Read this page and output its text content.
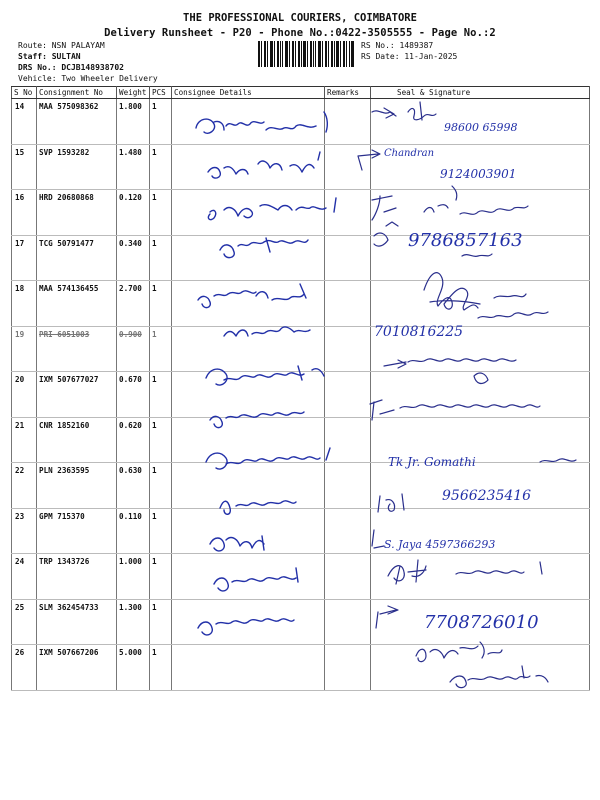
THE PROFESSIONAL COURIERS, COIMBATORE
Delivery Runsheet - P20 - Phone No.:0422-3505555 - Page No.:2
Route: NSN PALAYAM
Staff: SULTAN
DRS No.: DCJB148938702
Vehicle: Two Wheeler Delivery
RS No.: 1489387
RS Date: 11-Jan-2025
S No	Consignment No	Weight	PCS	Consignee Details	Remarks	Seal & Signature
14	MAA 575098362	1.800	1			
15	SVP 1593282	1.480	1			
16	HRD 20680868	0.120	1			
17	TCG 50791477	0.340	1			
18	MAA 574136455	2.700	1			
19	PRI 6051003	0.900	1			
20	IXM 507677027	0.670	1			
21	CNR 1852160	0.620	1			
22	PLN 2363595	0.630	1			
23	GPM 715370	0.110	1			
24	TRP 1343726	1.000	1			
25	SLM 362454733	1.300	1			
26	IXM 507667206	5.000	1			
98600 65998
Chandran
9124003901
9786857163
7010816225
Tk Jr. Gomathi
9566235416
S. Jaya 4597366293
7708726010
